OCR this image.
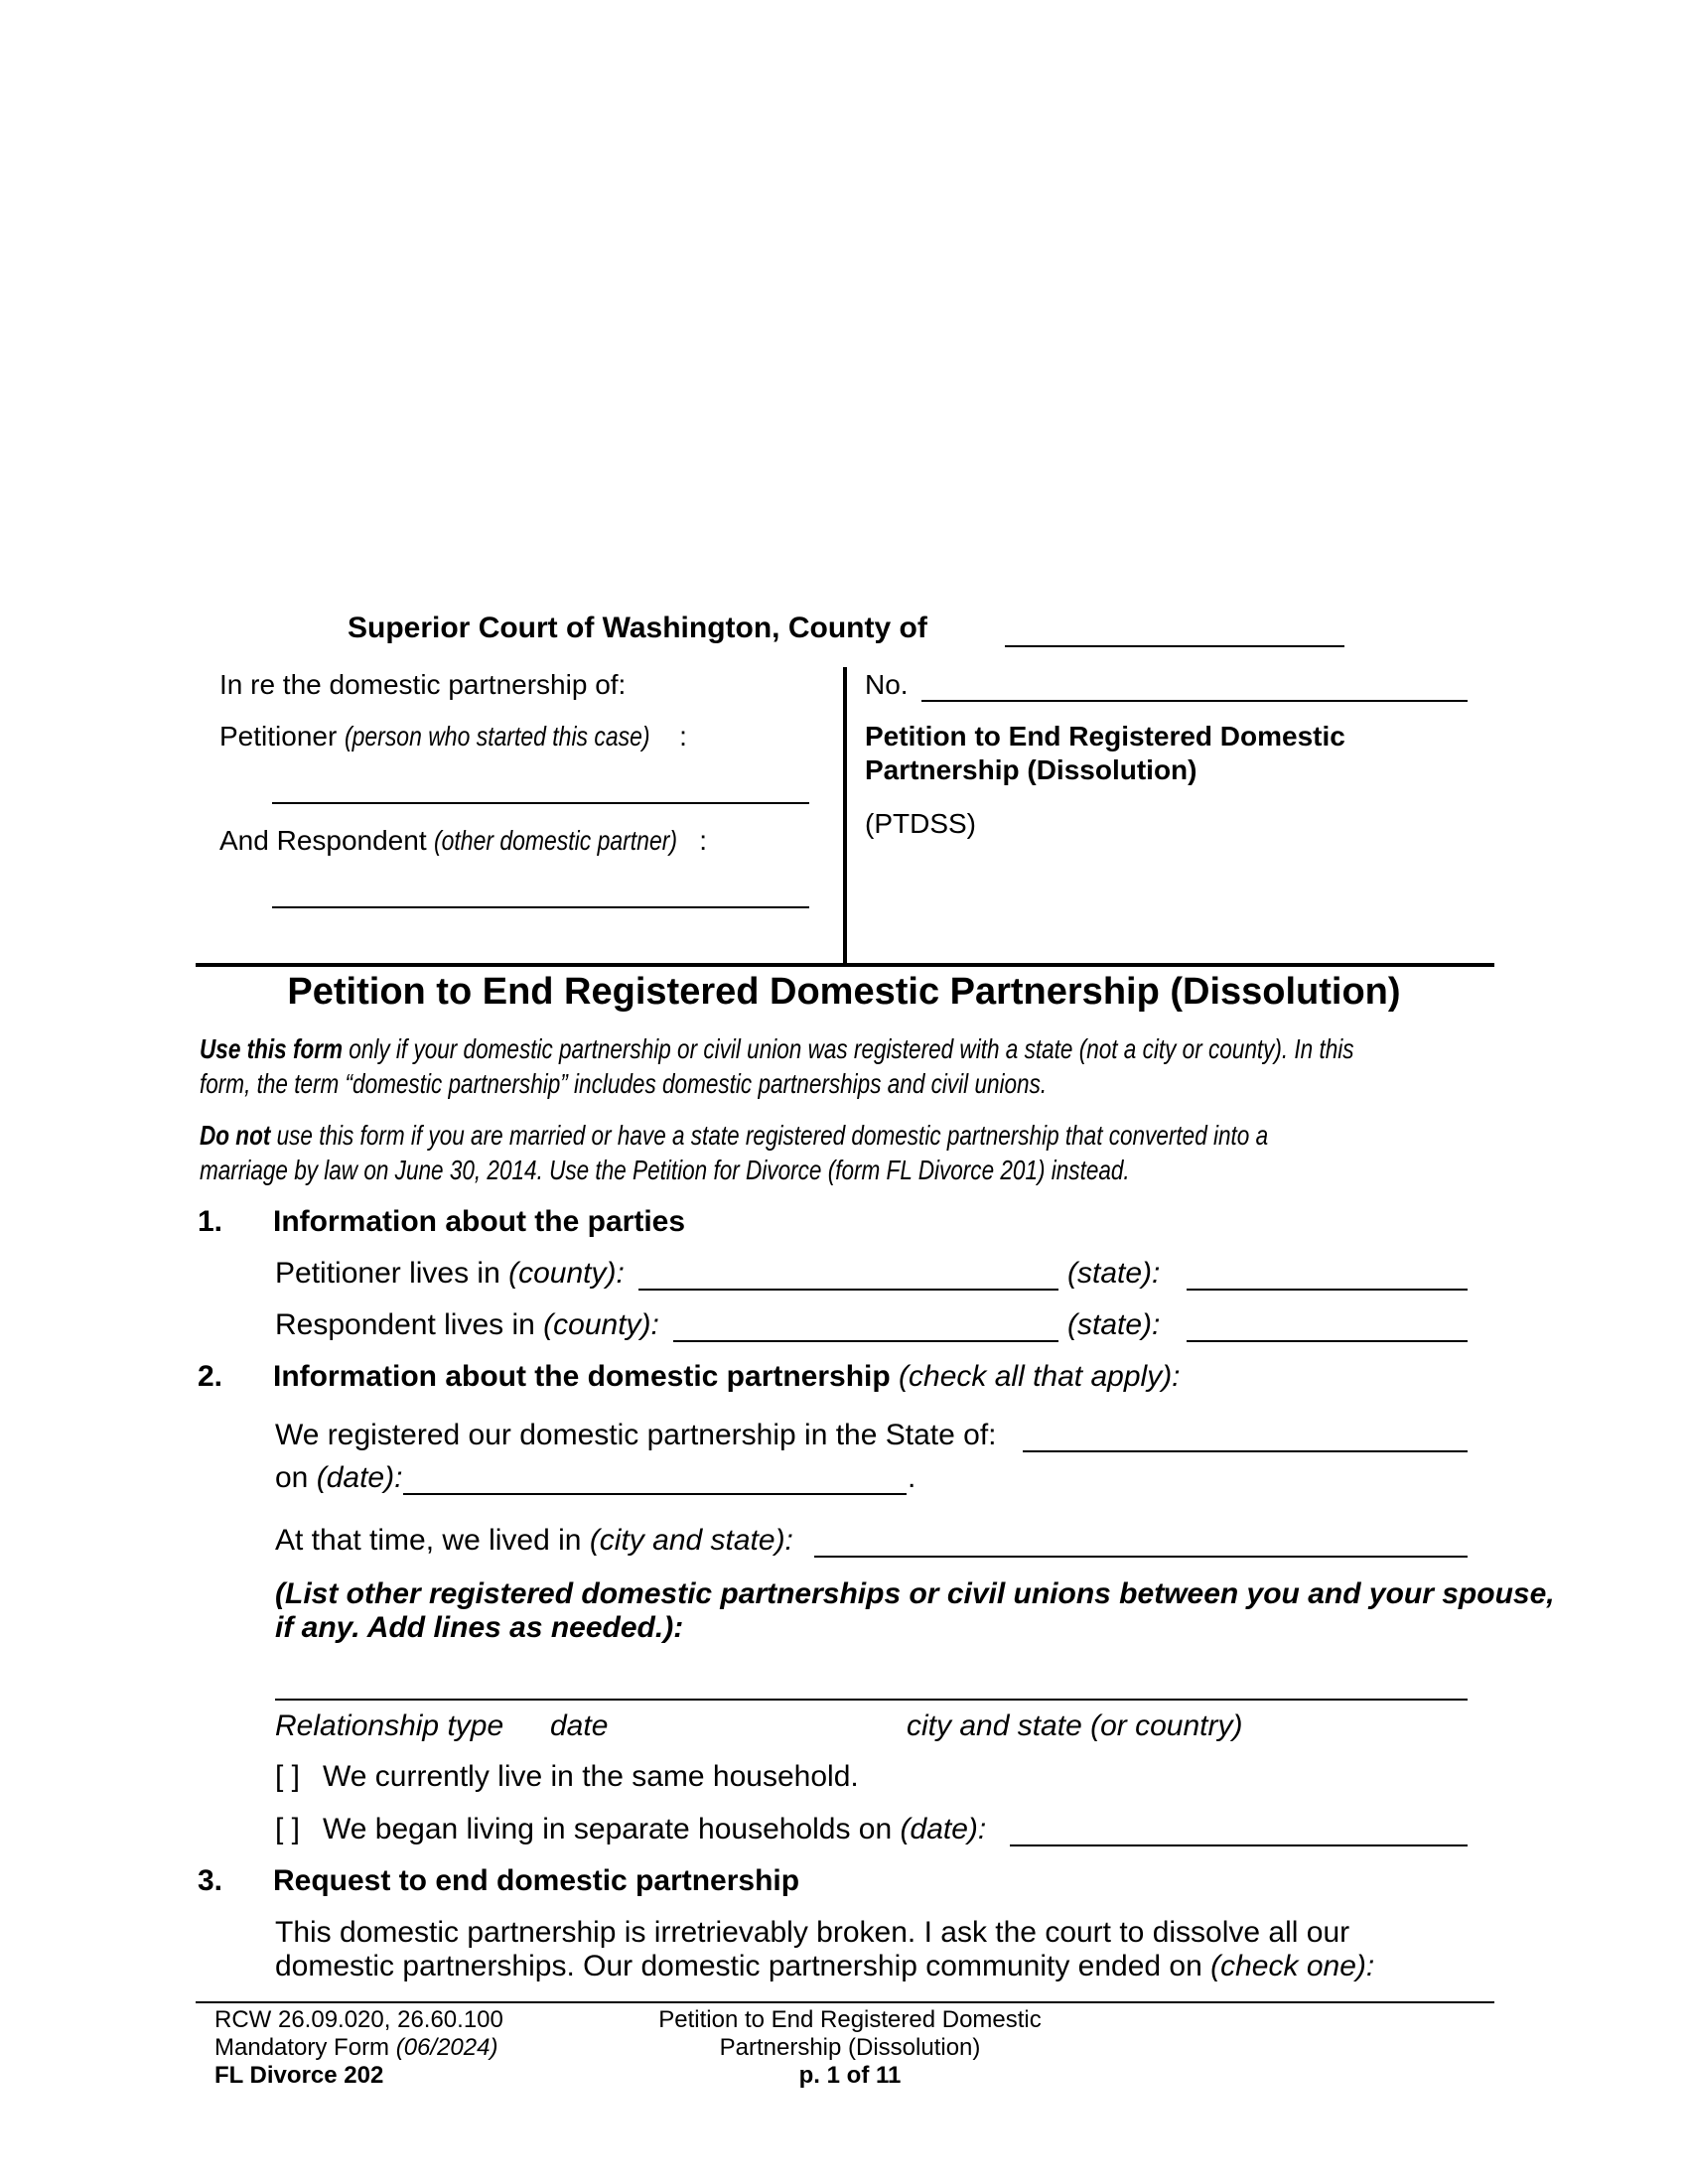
Superior Court of Washington, County of
In re the domestic partnership of:
Petitioner (person who started this case) :
And Respondent (other domestic partner) :
No.
Petition to End Registered Domestic
Partnership (Dissolution)
(PTDSS)
Petition to End Registered Domestic Partnership (Dissolution)
Use this form only if your domestic partnership or civil union was registered with a state (not a city or county). In this
form, the term “domestic partnership” includes domestic partnerships and civil unions.
Do not use this form if you are married or have a state registered domestic partnership that converted into a
marriage by law on June 30, 2014. Use the Petition for Divorce (form FL Divorce 201) instead.
1. Information about the parties
Petitioner lives in (county):	(state):
Respondent lives in (county):	(state):
2. Information about the domestic partnership (check all that apply):
We registered our domestic partnership in the State of:
on (date):	.
At that time, we lived in (city and state):
(List other registered domestic partnerships or civil unions between you and your spouse,
if any. Add lines as needed.):
Relationship type date	city and state (or country)
[ ] We currently live in the same household.
[ ] We began living in separate households on (date):
3. Request to end domestic partnership
This domestic partnership is irretrievably broken. I ask the court to dissolve all our
domestic partnerships. Our domestic partnership community ended on (check one):
RCW 26.09.020, 26.60.100
Mandatory Form (06/2024)
FL Divorce 202
Petition to End Registered Domestic
Partnership (Dissolution)
p. 1 of 11
